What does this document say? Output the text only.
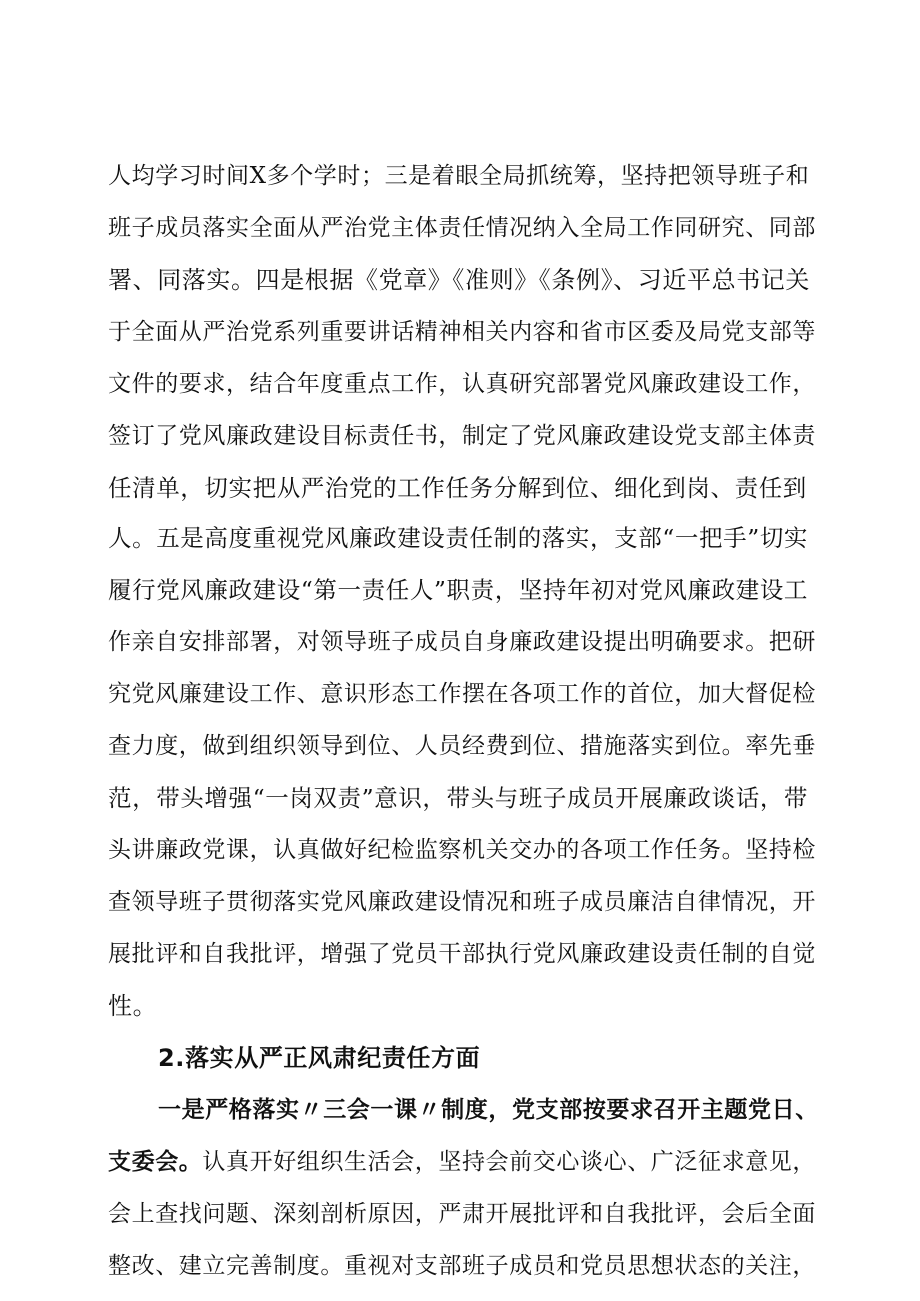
人均学习时间X多个学时；三是着眼全局抓统筹，坚持把领导班子和
班子成员落实全面从严治党主体责任情况纳入全局工作同研究、同部
署、同落实。四是根据《党章》《准则》《条例》、习近平总书记关
于全面从严治党系列重要讲话精神相关内容和省市区委及局党支部等
文件的要求，结合年度重点工作，认真研究部署党风廉政建设工作，
签订了党风廉政建设目标责任书，制定了党风廉政建设党支部主体责
任清单，切实把从严治党的工作任务分解到位、细化到岗、责任到
人。五是高度重视党风廉政建设责任制的落实，支部“一把手”切实
履行党风廉政建设“第一责任人”职责，坚持年初对党风廉政建设工
作亲自安排部署，对领导班子成员自身廉政建设提出明确要求。把研
究党风廉建设工作、意识形态工作摆在各项工作的首位，加大督促检
查力度，做到组织领导到位、人员经费到位、措施落实到位。率先垂
范，带头增强“一岗双责”意识，带头与班子成员开展廉政谈话，带
头讲廉政党课，认真做好纪检监察机关交办的各项工作任务。坚持检
查领导班子贯彻落实党风廉政建设情况和班子成员廉洁自律情况，开
展批评和自我批评，增强了党员干部执行党风廉政建设责任制的自觉
性。
2.落实从严正风肃纪责任方面
一是严格落实〃三会一课〃制度，党支部按要求召开主题党日、
支委会。认真开好组织生活会，坚持会前交心谈心、广泛征求意见，
会上查找问题、深刻剖析原因，严肃开展批评和自我批评，会后全面
整改、建立完善制度。重视对支部班子成员和党员思想状态的关注，
